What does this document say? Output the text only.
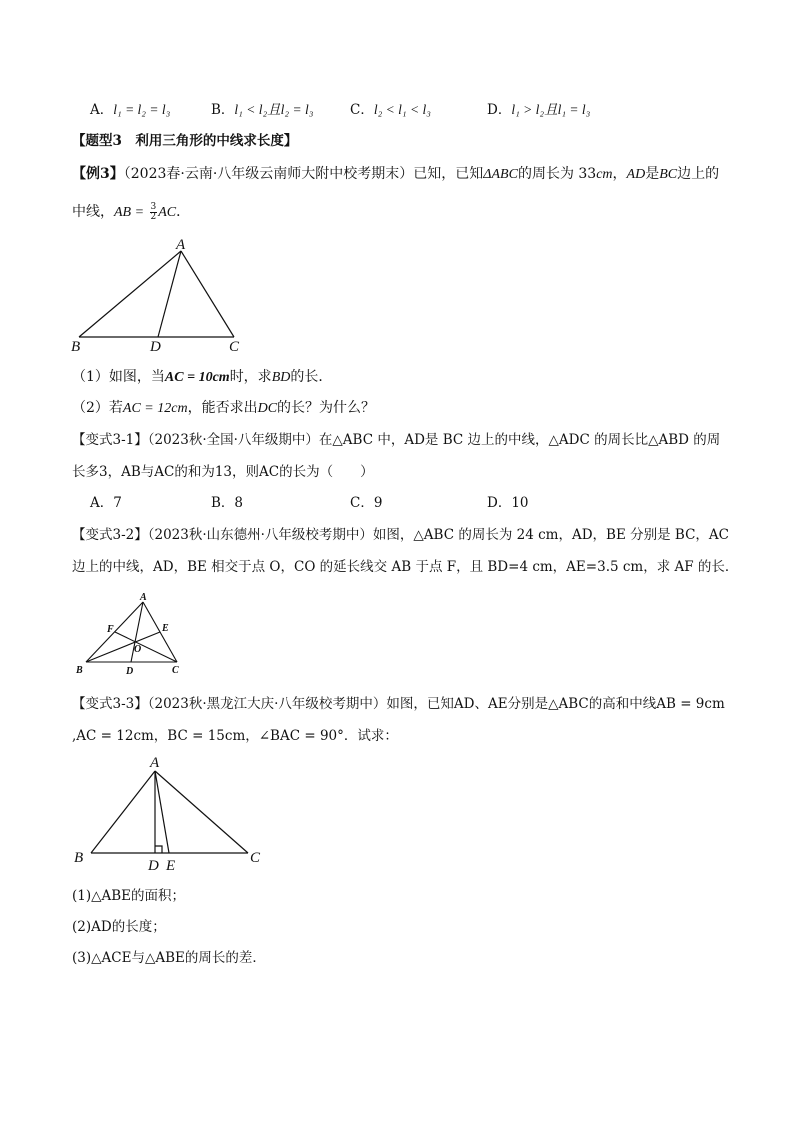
A．l₁ = l₂ = l₃	B．l₁ < l₂且l₂ = l₃	C．l₂ < l₁ < l₃	D．l₁ > l₂且l₁ = l₃
【题型3　利用三角形的中线求长度】
【例3】（2023春·云南·八年级云南师大附中校考期末）已知，已知ΔABC的周长为 33cm，AD是BC边上的
中线，AB = $\frac{3}{2}$ AC．
A
B	D	C
（1）如图，当AC = 10cm时，求BD的长．
（2）若AC = 12cm，能否求出DC的长？为什么？
【变式3-1】（2023秋·全国·八年级期中）在△ABC 中，AD是 BC 边上的中线，△ADC 的周长比△ABD 的周
长多3，AB与AC的和为13，则AC的长为（　　）
A．7	B．8	C．9	D．10
【变式3-2】（2023秋·山东德州·八年级校考期中）如图，△ABC 的周长为 24 cm，AD，BE 分别是 BC，AC
边上的中线，AD，BE 相交于点 O，CO 的延长线交 AB 于点 F，且 BD=4 cm，AE=3.5 cm，求 AF 的长．
A
B	D	C
E
F
O
【变式3-3】（2023秋·黑龙江大庆·八年级校考期中）如图，已知AD、AE分别是△ABC的高和中线AB = 9cm
,AC = 12cm，BC = 15cm，∠BAC = 90°．试求：
A
B	D E	C
(1)△ABE的面积；
(2)AD的长度；
(3)△ACE与△ABE的周长的差．
